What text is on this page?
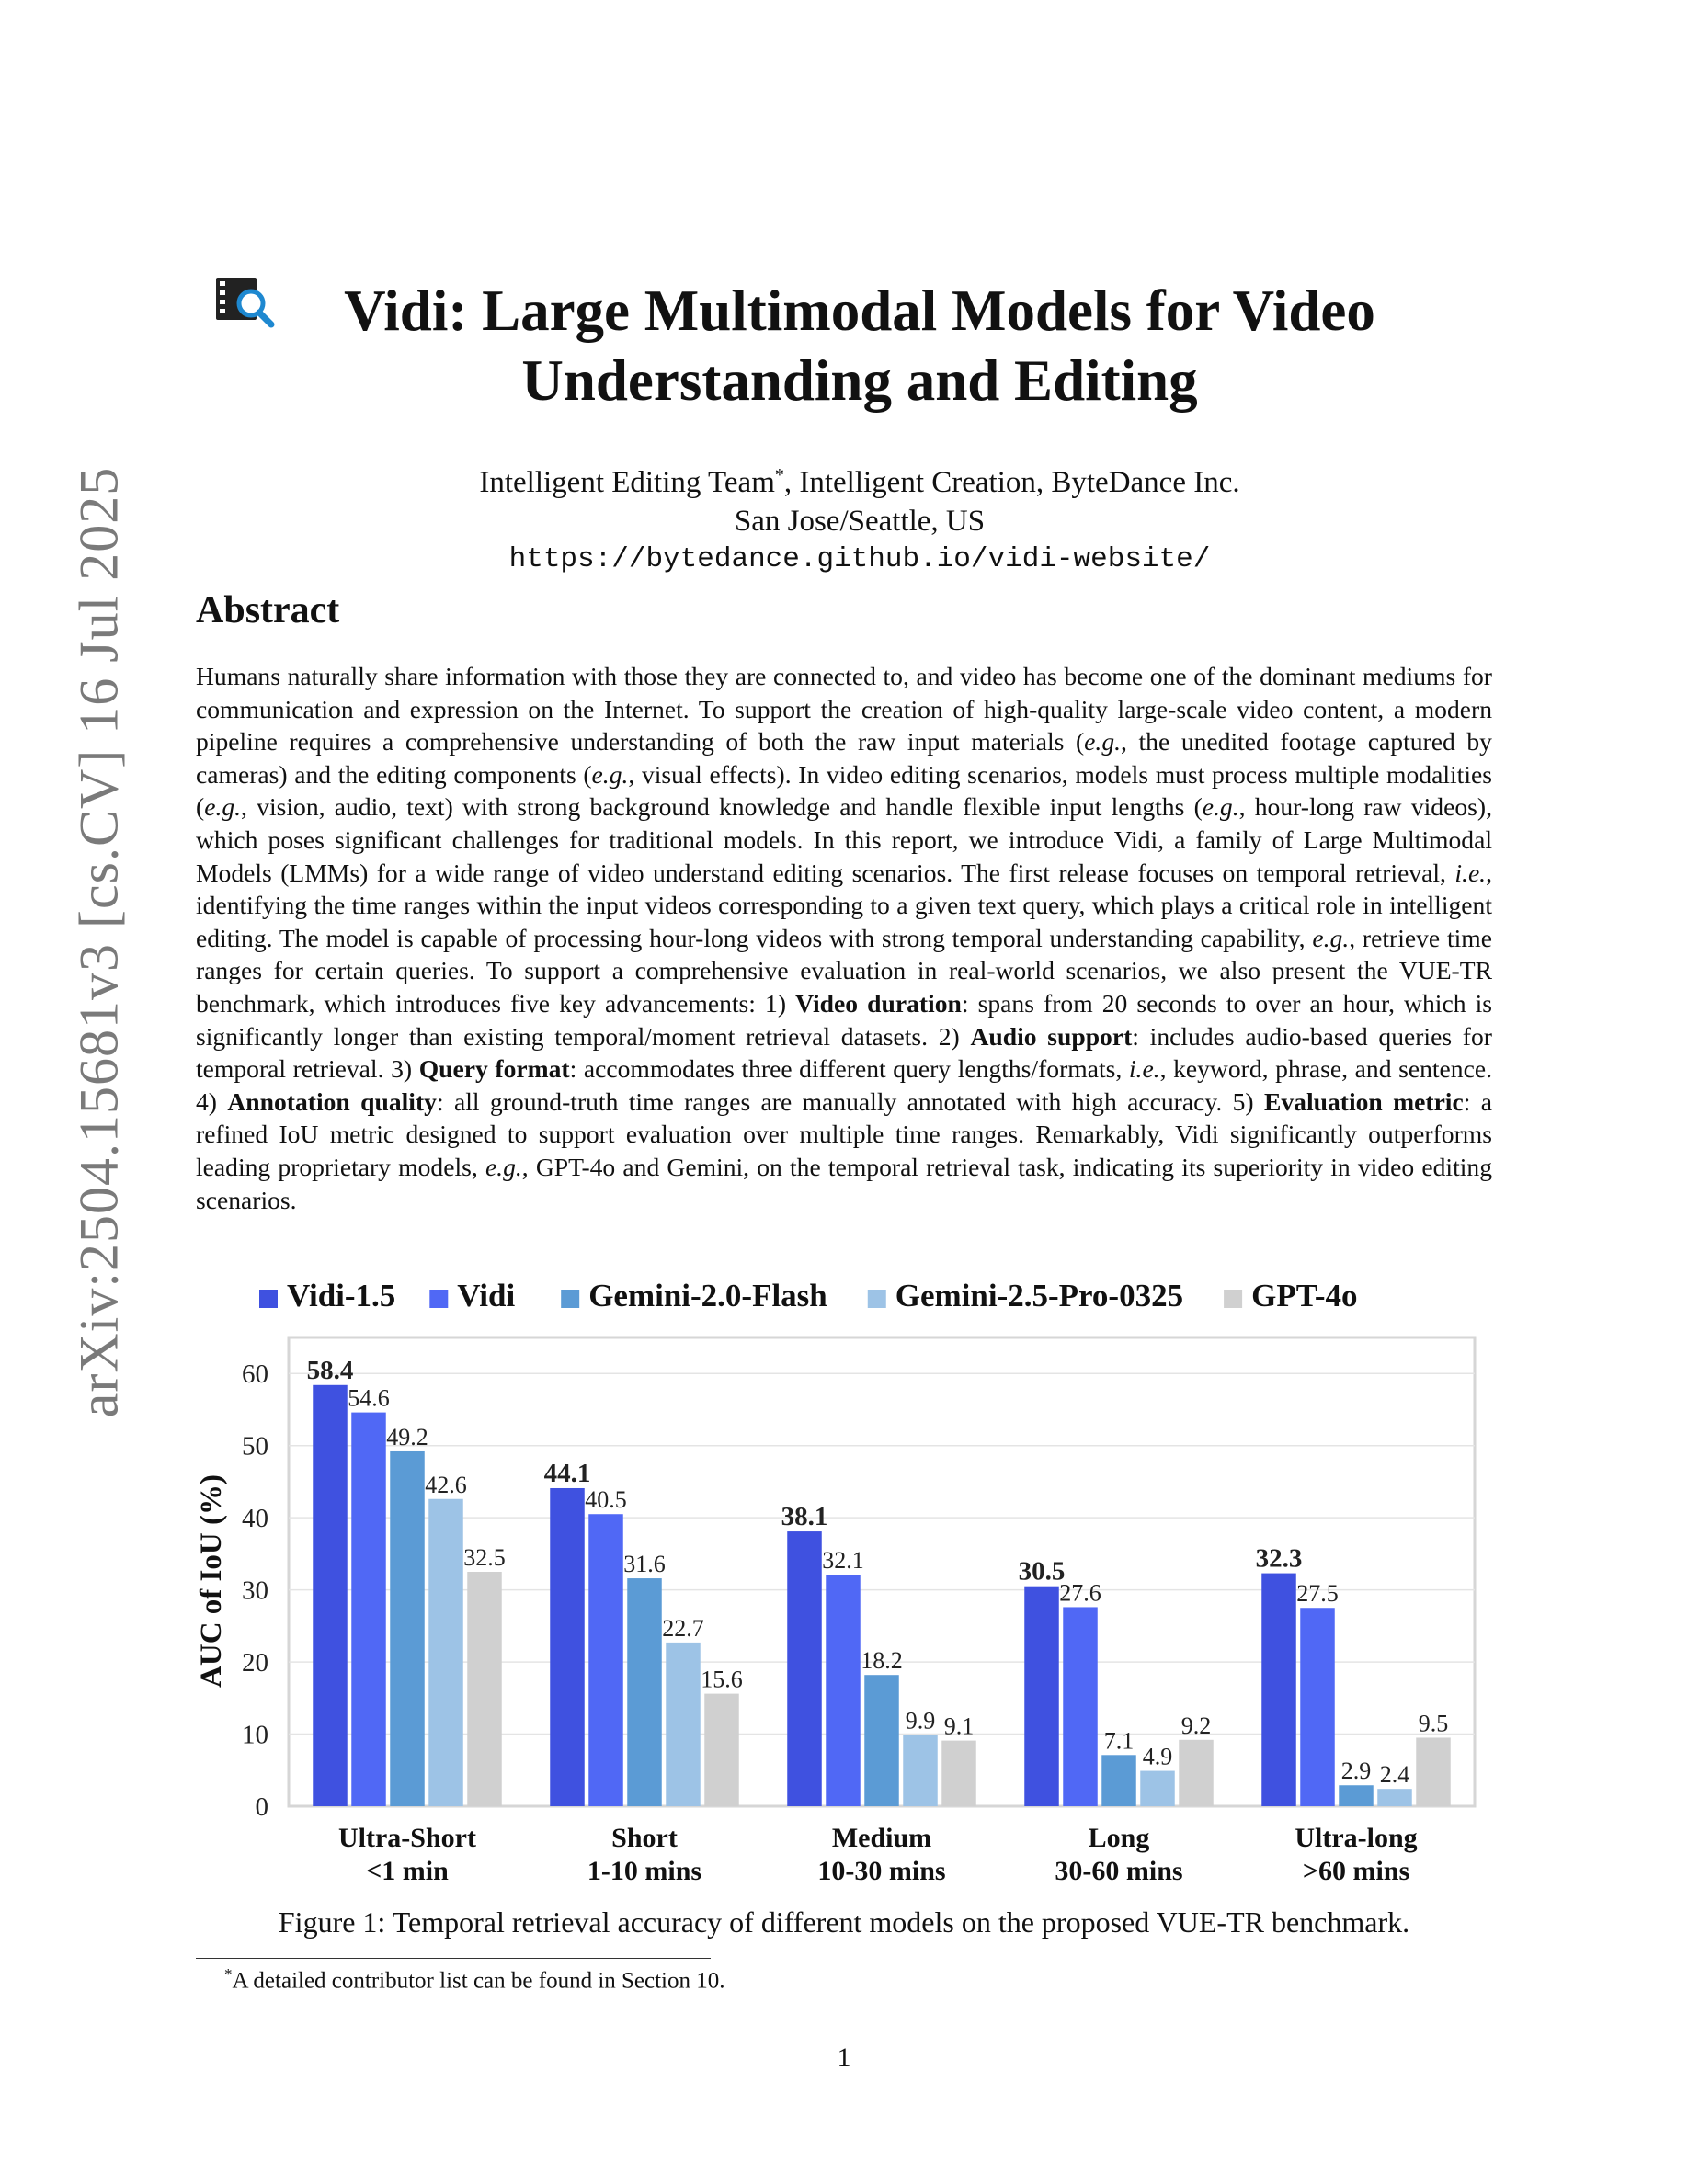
arXiv:2504.15681v3 [cs.CV] 16 Jul 2025
Vidi: Large Multimodal Models for Video
Understanding and Editing
Intelligent Editing Team*, Intelligent Creation, ByteDance Inc.
San Jose/Seattle, US
https://bytedance.github.io/vidi-website/
Abstract
Humans naturally share information with those they are connected to, and video has become one of the dominant mediums for communication and expression on the Internet. To support the creation of high-quality large-scale video content, a modern pipeline requires a comprehensive understanding of both the raw input materials (e.g., the unedited footage captured by cameras) and the editing components (e.g., visual effects). In video editing scenarios, models must process multiple modalities (e.g., vision, audio, text) with strong background knowledge and handle flexible input lengths (e.g., hour-long raw videos), which poses significant challenges for traditional models. In this report, we introduce Vidi, a family of Large Multimodal Models (LMMs) for a wide range of video understand editing scenarios. The first release focuses on temporal retrieval, i.e., identifying the time ranges within the input videos corresponding to a given text query, which plays a critical role in intelligent editing. The model is capable of processing hour-long videos with strong temporal understanding capability, e.g., retrieve time ranges for certain queries. To support a comprehensive evaluation in real-world scenarios, we also present the VUE-TR benchmark, which introduces five key advancements: 1) Video duration: spans from 20 seconds to over an hour, which is significantly longer than existing temporal/moment retrieval datasets. 2) Audio support: includes audio-based queries for temporal retrieval. 3) Query format: accommodates three different query lengths/formats, i.e., keyword, phrase, and sentence. 4) Annotation quality: all ground-truth time ranges are manually annotated with high accuracy. 5) Evaluation metric: a refined IoU metric designed to support evaluation over multiple time ranges. Remarkably, Vidi significantly outperforms leading proprietary models, e.g., GPT-4o and Gemini, on the temporal retrieval task, indicating its superiority in video editing scenarios.
0
10
20
30
40
50
60
AUC of IoU (%)
58.4
54.6
49.2
42.6
32.5
Ultra-Short
<1 min
44.1
40.5
31.6
22.7
15.6
Short
1-10 mins
38.1
32.1
18.2
9.9 9.1
Medium
10-30 mins
30.5
27.6
7.1
4.9
9.2
Long
30-60 mins
32.3
27.5
2.9 2.4
9.5
Ultra-long
>60 mins
Vidi-1.5 Vidi Gemini-2.0-Flash Gemini-2.5-Pro-0325 GPT-4o
Figure 1: Temporal retrieval accuracy of different models on the proposed VUE-TR benchmark.
*A detailed contributor list can be found in Section 10.
1
